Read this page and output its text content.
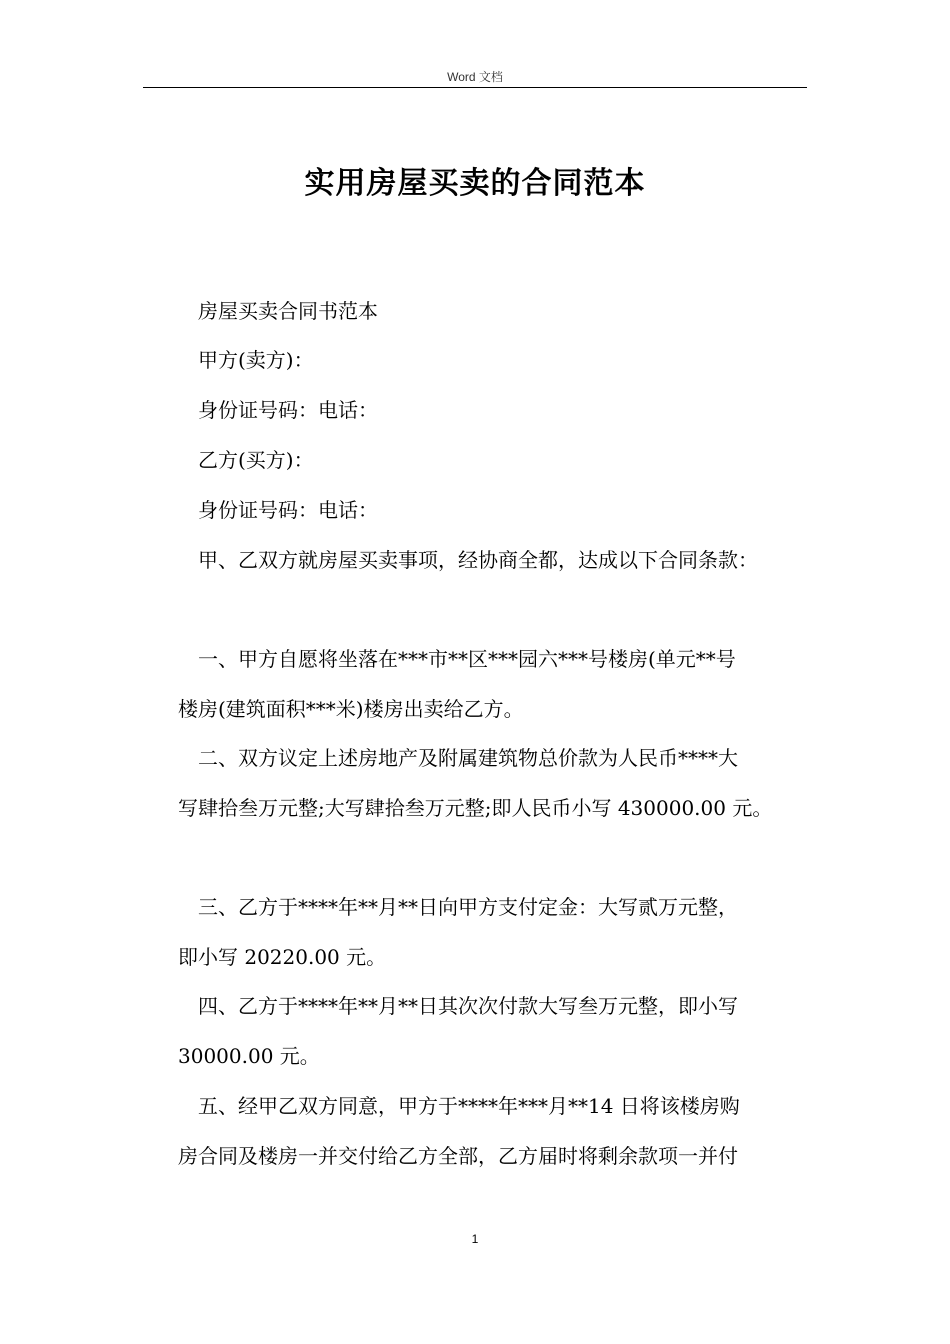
Word 文档
实用房屋买卖的合同范本
房屋买卖合同书范本
甲方(卖方)：
身份证号码：电话：
乙方(买方)：
身份证号码：电话：
甲、乙双方就房屋买卖事项，经协商全都，达成以下合同条款：
一、甲方自愿将坐落在***市**区***园六***号楼房(单元**号
楼房(建筑面积***米)楼房出卖给乙方。
二、双方议定上述房地产及附属建筑物总价款为人民币****大
写肆拾叁万元整;大写肆拾叁万元整;即人民币小写 430000.00 元。
三、乙方于****年**月**日向甲方支付定金：大写贰万元整，
即小写 20220.00 元。
四、乙方于****年**月**日其次次付款大写叁万元整，即小写
30000.00 元。
五、经甲乙双方同意，甲方于****年***月**14 日将该楼房购
房合同及楼房一并交付给乙方全部，乙方届时将剩余款项一并付
1
